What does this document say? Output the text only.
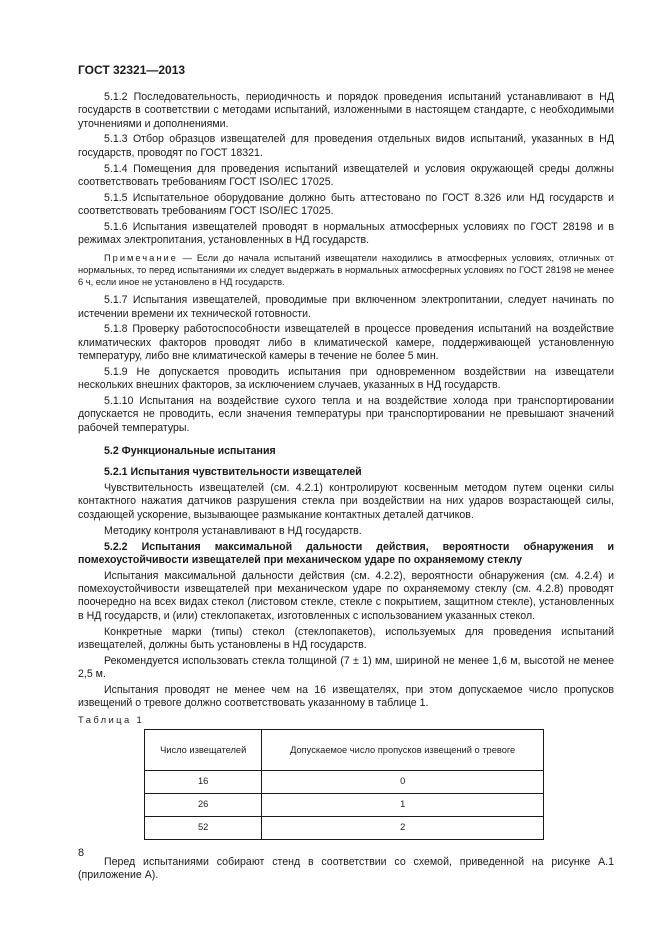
ГОСТ 32321—2013

5.1.2 Последовательность, периодичность и порядок проведения испытаний устанавливают в НД государств в соответствии с методами испытаний, изложенными в настоящем стандарте, с необходимыми уточнениями и дополнениями.

5.1.3 Отбор образцов извещателей для проведения отдельных видов испытаний, указанных в НД государств, проводят по ГОСТ 18321.

5.1.4 Помещения для проведения испытаний извещателей и условия окружающей среды должны соответствовать требованиям ГОСТ ISO/IEC 17025.

5.1.5 Испытательное оборудование должно быть аттестовано по ГОСТ 8.326 или НД государств и соответствовать требованиям ГОСТ ISO/IEC 17025.

5.1.6 Испытания извещателей проводят в нормальных атмосферных условиях по ГОСТ 28198 и в режимах электропитания, установленных в НД государств.

Примечание — Если до начала испытаний извещатели находились в атмосферных условиях, отличных от нормальных, то перед испытаниями их следует выдержать в нормальных атмосферных условиях по ГОСТ 28198 не менее 6 ч, если иное не установлено в НД государств.

5.1.7 Испытания извещателей, проводимые при включенном электропитании, следует начинать по истечении времени их технической готовности.

5.1.8 Проверку работоспособности извещателей в процессе проведения испытаний на воздействие климатических факторов проводят либо в климатической камере, поддерживающей установленную температуру, либо вне климатической камеры в течение не более 5 мин.

5.1.9 Не допускается проводить испытания при одновременном воздействии на извещатели нескольких внешних факторов, за исключением случаев, указанных в НД государств.

5.1.10 Испытания на воздействие сухого тепла и на воздействие холода при транспортировании допускается не проводить, если значения температуры при транспортировании не превышают значений рабочей температуры.

5.2 Функциональные испытания

5.2.1 Испытания чувствительности извещателей

Чувствительность извещателей (см. 4.2.1) контролируют косвенным методом путем оценки силы контактного нажатия датчиков разрушения стекла при воздействии на них ударов возрастающей силы, создающей ускорение, вызывающее размыкание контактных деталей датчиков.

Методику контроля устанавливают в НД государств.

5.2.2 Испытания максимальной дальности действия, вероятности обнаружения и помехоустойчивости извещателей при механическом ударе по охраняемому стеклу

Испытания максимальной дальности действия (см. 4.2.2), вероятности обнаружения (см. 4.2.4) и помехоустойчивости извещателей при механическом ударе по охраняемому стеклу (см. 4.2.8) проводят поочередно на всех видах стекол (листовом стекле, стекле с покрытием, защитном стекле), установленных в НД государств, и (или) стеклопакетах, изготовленных с использованием указанных стекол.

Конкретные марки (типы) стекол (стеклопакетов), используемых для проведения испытаний извещателей, должны быть установлены в НД государств.

Рекомендуется использовать стекла толщиной (7 ± 1) мм, шириной не менее 1,6 м, высотой не менее 2,5 м.

Испытания проводят не менее чем на 16 извещателях, при этом допускаемое число пропусков извещений о тревоге должно соответствовать указанному в таблице 1.

Таблица 1

Число извещателей	Допускаемое число пропусков извещений о тревоге
16	0
26	1
52	2

Перед испытаниями собирают стенд в соответствии со схемой, приведенной на рисунке А.1 (приложение А).

8
